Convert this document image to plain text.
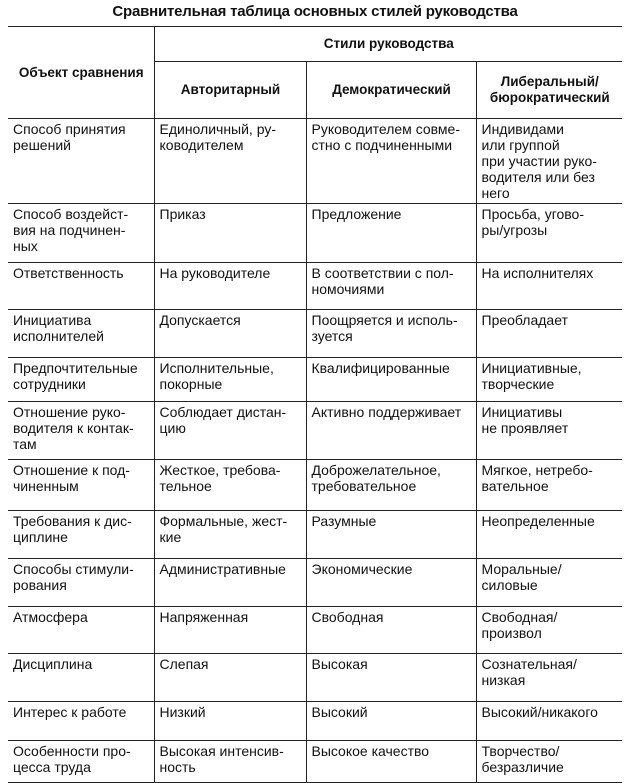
Сравнительная таблица основных стилей руководства
Объект сравнения	Стили руководства		

	Авторитарный	Демократический	Либеральный/
бюрократический

Способ принятия
решений	Единоличный, ру-
ководителем	Руководителем совме-
стно с подчиненными	Индивидами
или группой
при участии руко-
водителя или без
него

Способ воздейст-
вия на подчинен-
ных	Приказ	Предложение	Просьба, угово-
ры/угрозы

Ответственность	На руководителе	В соответствии с пол-
номочиями	На исполнителях

Инициатива
исполнителей	Допускается	Поощряется и исполь-
зуется	Преобладает

Предпочтительные
сотрудники	Исполнительные,
покорные	Квалифицированные	Инициативные,
творческие

Отношение руко-
водителя к контак-
там	Соблюдает дистан-
цию	Активно поддерживает	Инициативы
не проявляет

Отношение к под-
чиненным	Жесткое, требова-
тельное	Доброжелательное,
требовательное	Мягкое, нетребо-
вательное

Требования к дис-
циплине	Формальные, жест-
кие	Разумные	Неопределенные

Способы стимули-
рования	Административные	Экономические	Моральные/
силовые

Атмосфера	Напряженная	Свободная	Свободная/
произвол

Дисциплина	Слепая	Высокая	Сознательная/
низкая

Интерес к работе	Низкий	Высокий	Высокий/никакого

Особенности про-
цесса труда	Высокая интенсив-
ность	Высокое качество	Творчество/
безразличие
